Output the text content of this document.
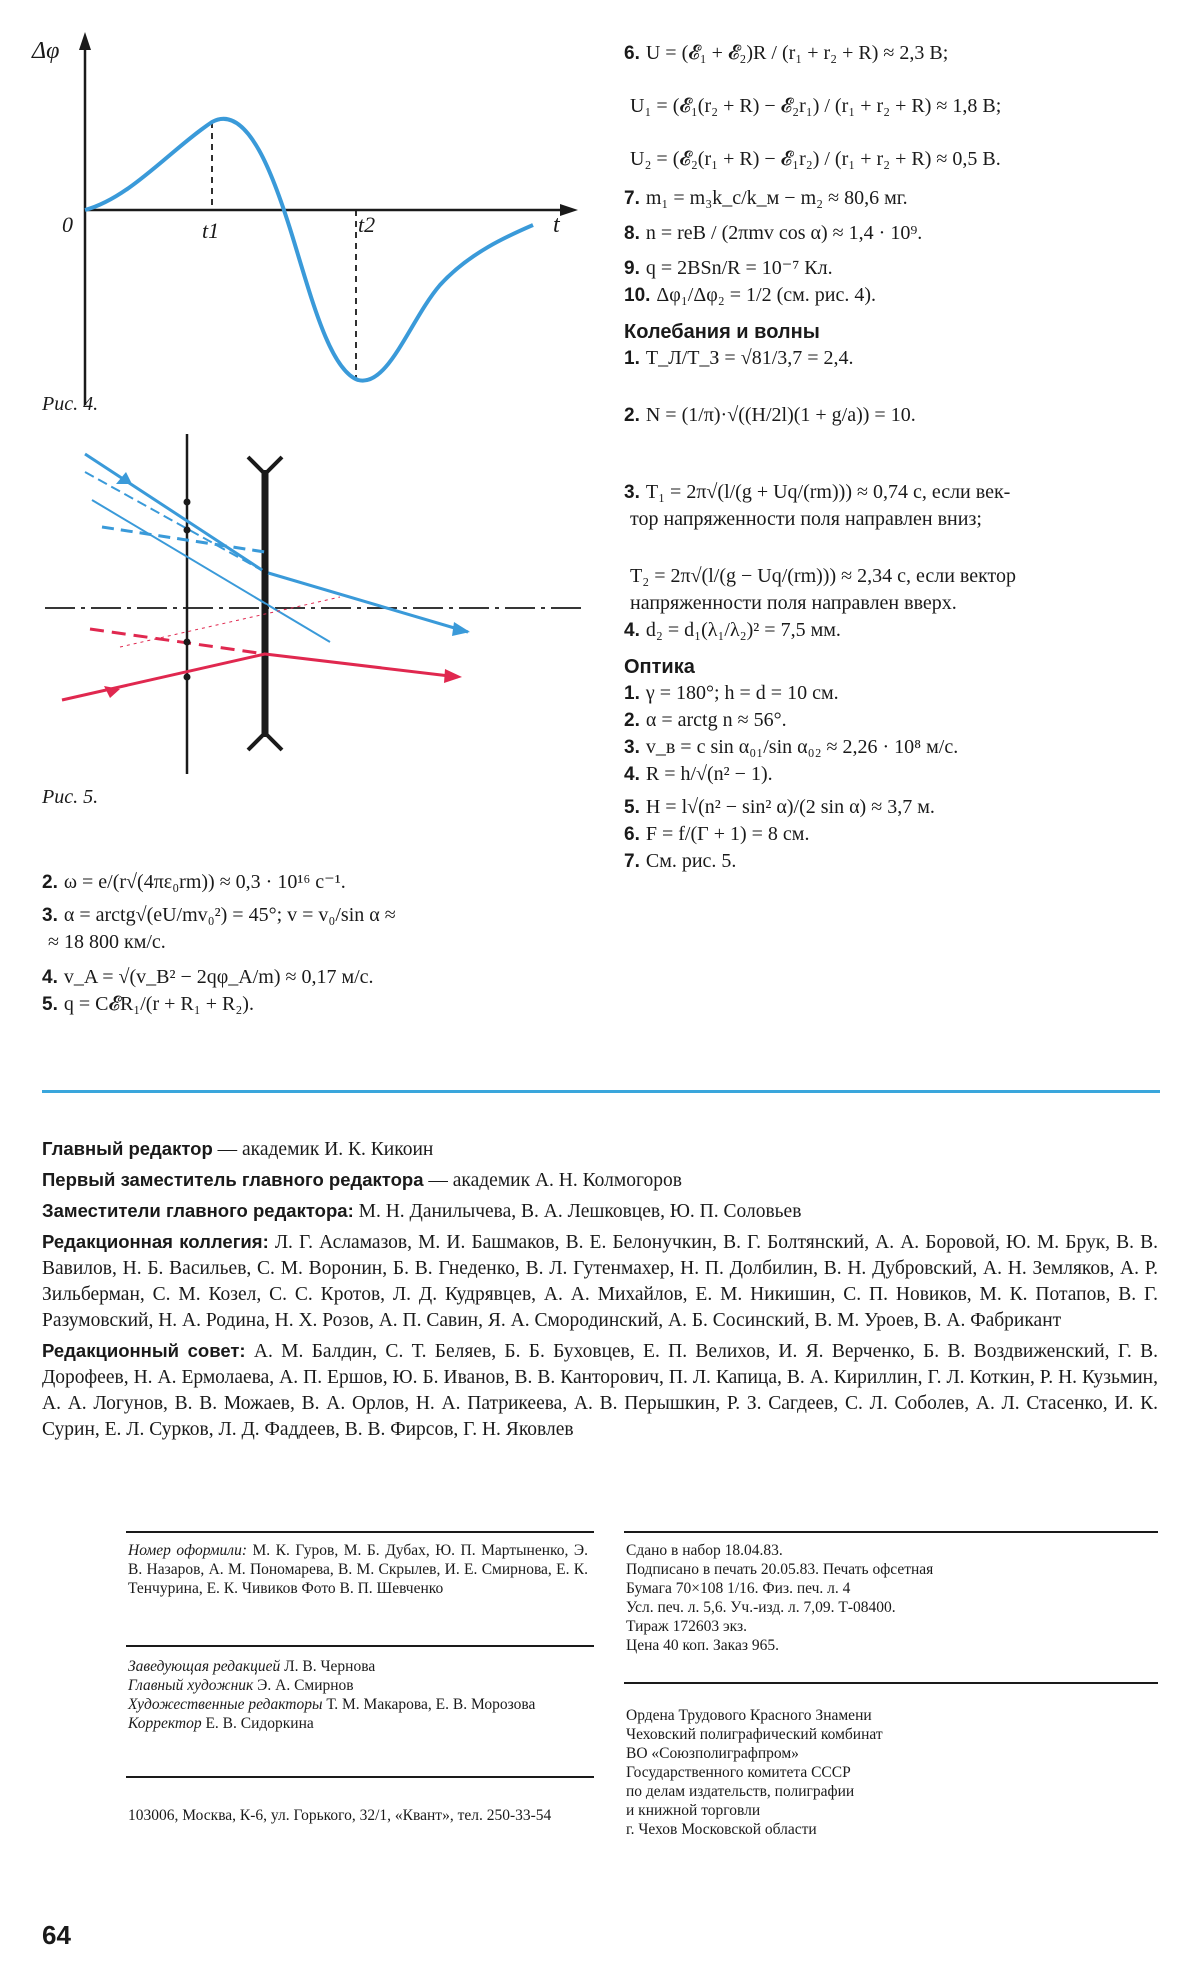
Δφ
0	t1	t2	t
Рис. 4.
Рис. 5.
2. ω = e/(r√(4πε₀rm)) ≈ 0,3 · 10¹⁶ с⁻¹.
3. α = arctg√(eU/mv₀²) = 45°; v = v₀/sin α ≈
≈ 18 800 км/с.
4. v_A = √(v_B² − 2qφ_A/m) ≈ 0,17 м/с.
5. q = C𝓔R₁/(r + R₁ + R₂).
6. U = (𝓔₁ + 𝓔₂)R / (r₁ + r₂ + R) ≈ 2,3 В;
U₁ = (𝓔₁(r₂ + R) − 𝓔₂r₁) / (r₁ + r₂ + R) ≈ 1,8 В;
U₂ = (𝓔₂(r₁ + R) − 𝓔₁r₂) / (r₁ + r₂ + R) ≈ 0,5 В.
7. m₁ = m₃k_c/k_м − m₂ ≈ 80,6 мг.
8. n = reB / (2πmv cos α) ≈ 1,4 · 10⁹.
9. q = 2BSn/R = 10⁻⁷ Кл.
10. Δφ₁/Δφ₂ = 1/2 (см. рис. 4).
Колебания и волны
1. T_Л/T_З = √81/3,7 = 2,4.
2. N = (1/π)·√((H/2l)(1 + g/a)) = 10.
3. T₁ = 2π√(l/(g + Uq/(rm))) ≈ 0,74 с, если век-
тор напряженности поля направлен вниз;
T₂ = 2π√(l/(g − Uq/(rm))) ≈ 2,34 с, если вектор
напряженности поля направлен вверх.
4. d₂ = d₁(λ₁/λ₂)² = 7,5 мм.
Оптика
1. γ = 180°; h = d = 10 см.
2. α = arctg n ≈ 56°.
3. v_в = c sin α₀₁/sin α₀₂ ≈ 2,26 · 10⁸ м/с.
4. R = h/√(n² − 1).
5. H = l√(n² − sin² α)/(2 sin α) ≈ 3,7 м.
6. F = f/(Γ + 1) = 8 см.
7. См. рис. 5.
Главный редактор — академик И. К. Кикоин
Первый заместитель главного редактора — академик А. Н. Колмогоров
Заместители главного редактора: М. Н. Данилычева, В. А. Лешковцев, Ю. П. Соловьев
Редакционная коллегия: Л. Г. Асламазов, М. И. Башмаков, В. Е. Белонучкин, В. Г. Болтянский, А. А. Боровой, Ю. М. Брук, В. В. Вавилов, Н. Б. Васильев, С. М. Воронин, Б. В. Гнеденко, В. Л. Гутенмахер, Н. П. Долбилин, В. Н. Дубровский, А. Н. Земляков, А. Р. Зильберман, С. М. Козел, С. С. Кротов, Л. Д. Кудрявцев, А. А. Михайлов, Е. М. Никишин, С. П. Новиков, М. К. Потапов, В. Г. Разумовский, Н. А. Родина, Н. Х. Розов, А. П. Савин, Я. А. Смородинский, А. Б. Сосинский, В. М. Уроев, В. А. Фабрикант
Редакционный совет: А. М. Балдин, С. Т. Беляев, Б. Б. Буховцев, Е. П. Велихов, И. Я. Верченко, Б. В. Воздвиженский, Г. В. Дорофеев, Н. А. Ермолаева, А. П. Ершов, Ю. Б. Иванов, В. В. Канторович, П. Л. Капица, В. А. Кириллин, Г. Л. Коткин, Р. Н. Кузьмин, А. А. Логунов, В. В. Можаев, В. А. Орлов, Н. А. Патрикеева, А. В. Перышкин, Р. З. Сагдеев, С. Л. Соболев, А. Л. Стасенко, И. К. Сурин, Е. Л. Сурков, Л. Д. Фаддеев, В. В. Фирсов, Г. Н. Яковлев
Номер оформили: М. К. Гуров, М. Б. Дубах, Ю. П. Мартыненко, Э. В. Назаров, А. М. Пономарева, В. М. Скрылев, И. Е. Смирнова, Е. К. Тенчурина, Е. К. Чивиков Фото В. П. Шевченко
Заведующая редакцией Л. В. Чернова
Главный художник Э. А. Смирнов
Художественные редакторы Т. М. Макарова, Е. В. Морозова
Корректор Е. В. Сидоркина
103006, Москва, К-6, ул. Горького, 32/1, «Квант», тел. 250-33-54
Сдано в набор 18.04.83.
Подписано в печать 20.05.83. Печать офсетная
Бумага 70×108 1/16. Физ. печ. л. 4
Усл. печ. л. 5,6. Уч.-изд. л. 7,09. Т-08400.
Тираж 172603 экз.
Цена 40 коп. Заказ 965.
Ордена Трудового Красного Знамени
Чеховский полиграфический комбинат
ВО «Союзполиграфпром»
Государственного комитета СССР
по делам издательств, полиграфии
и книжной торговли
г. Чехов Московской области
64
